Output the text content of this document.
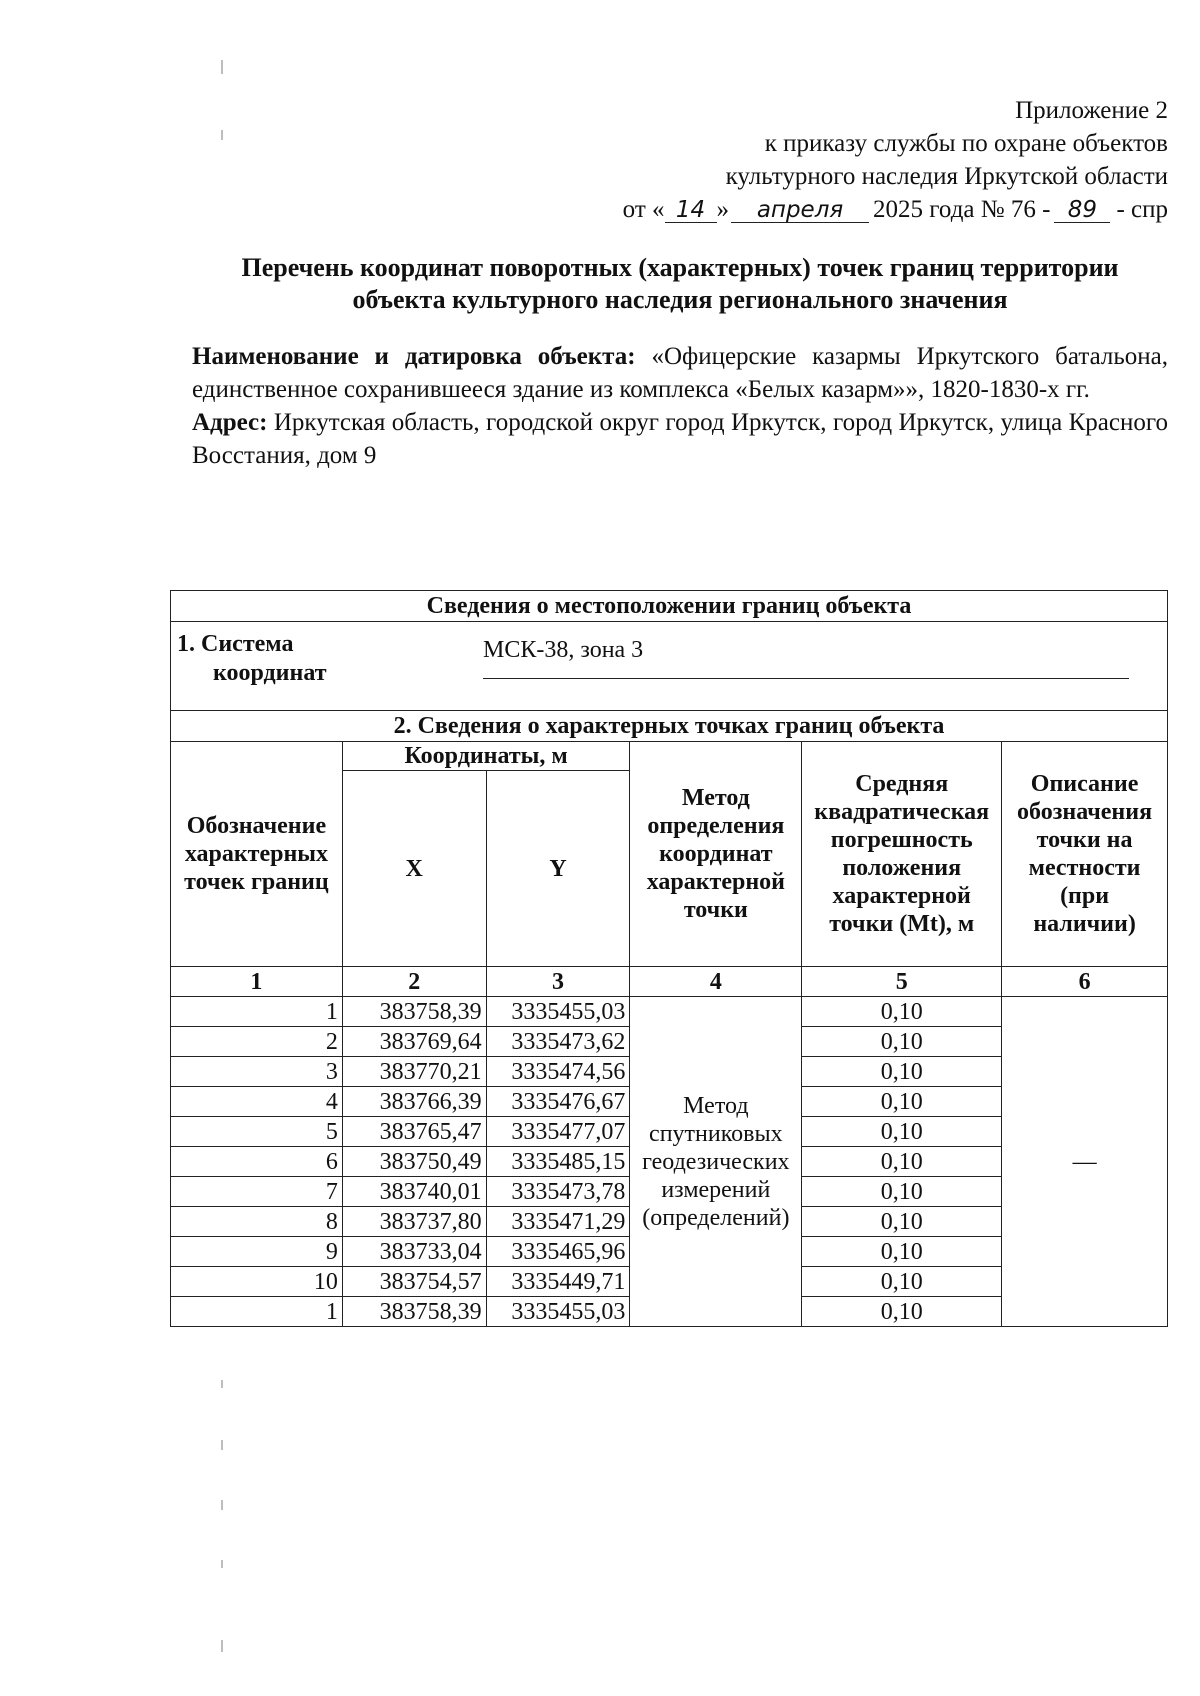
Приложение 2
к приказу службы по охране объектов
культурного наследия Иркутской области
от « 14 » апреля 2025 года № 76 - 89 - спр
Перечень координат поворотных (характерных) точек границ территории
объекта культурного наследия регионального значения

Наименование и датировка объекта: «Офицерские казармы Иркутского батальона, единственное сохранившееся здание из комплекса «Белых казарм»», 1820-1830-х гг.

Адрес: Иркутская область, городской округ город Иркутск, город Иркутск, улица Красного Восстания, дом 9

Сведения о местоположении границ объекта					

1. Система
координат
МСК-38, зона 3					

2. Сведения о характерных точках границ объекта					
Обозначение характерных точек границ	Координаты, м		Метод определения координат характерной точки	Средняя квадратическая погрешность положения характерной точки (Mt), м	Описание обозначения точки на местности (при наличии)
	X	Y			
1	2	3	4	5	6
1	383758,39	3335455,03	Метод спутниковых геодезических измерений (определений)	0,10	—
2	383769,64	3335473,62		0,10	
3	383770,21	3335474,56		0,10	
4	383766,39	3335476,67		0,10	
5	383765,47	3335477,07		0,10	
6	383750,49	3335485,15		0,10	
7	383740,01	3335473,78		0,10	
8	383737,80	3335471,29		0,10	
9	383733,04	3335465,96		0,10	
10	383754,57	3335449,71		0,10	
1	383758,39	3335455,03		0,10	
